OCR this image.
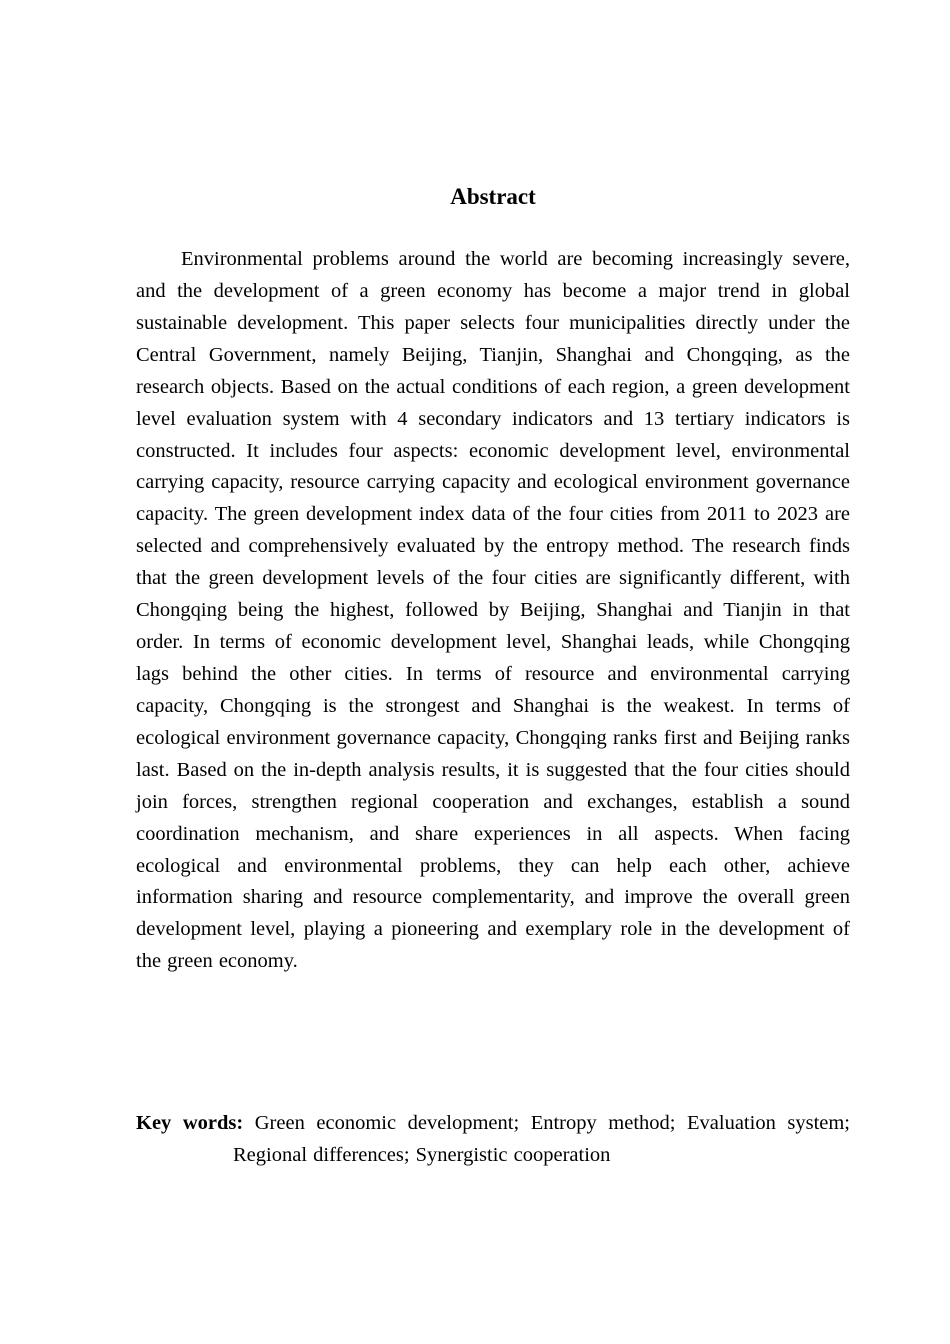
Abstract

Environmental problems around the world are becoming increasingly severe, and the development of a green economy has become a major trend in global sustainable development. This paper selects four municipalities directly under the Central Government, namely Beijing, Tianjin, Shanghai and Chongqing, as the research objects. Based on the actual conditions of each region, a green development level evaluation system with 4 secondary indicators and 13 tertiary indicators is constructed. It includes four aspects: economic development level, environmental carrying capacity, resource carrying capacity and ecological environment governance capacity. The green development index data of the four cities from 2011 to 2023 are selected and comprehensively evaluated by the entropy method. The research finds that the green development levels of the four cities are significantly different, with Chongqing being the highest, followed by Beijing, Shanghai and Tianjin in that order. In terms of economic development level, Shanghai leads, while Chongqing lags behind the other cities. In terms of resource and environmental carrying capacity, Chongqing is the strongest and Shanghai is the weakest. In terms of ecological environment governance capacity, Chongqing ranks first and Beijing ranks last. Based on the in-depth analysis results, it is suggested that the four cities should join forces, strengthen regional cooperation and exchanges, establish a sound coordination mechanism, and share experiences in all aspects. When facing ecological and environmental problems, they can help each other, achieve information sharing and resource complementarity, and improve the overall green development level, playing a pioneering and exemplary role in the development of the green economy.

Key words: Green economic development; Entropy method; Evaluation system; Regional differences; Synergistic cooperation
